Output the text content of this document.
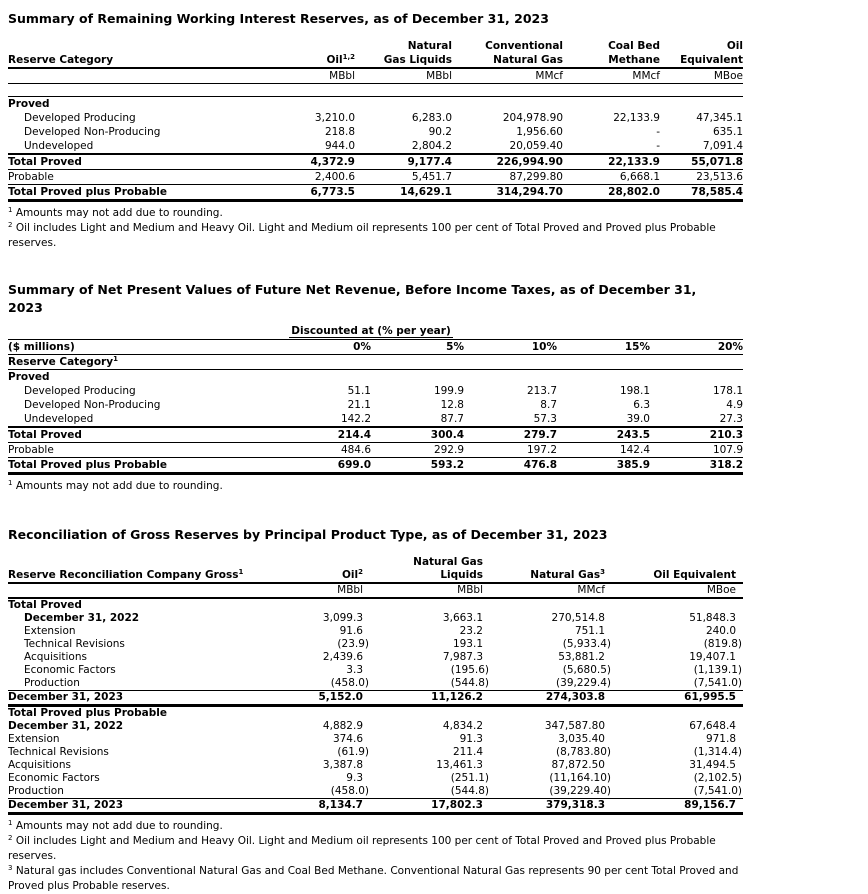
Summary of Remaining Working Interest Reserves, as of December 31, 2023
		Natural	Conventional	Coal Bed	Oil
Reserve Category	Oil$^{1,2}$	Gas Liquids	Natural Gas	Methane	Equivalent
	MBbl	MBbl	MMcf	MMcf	MBoe

Proved					
Developed Producing	3,210.0	6,283.0	204,978.90	22,133.9	47,345.1
Developed Non-Producing	218.8	90.2	1,956.60	-	635.1
Undeveloped	944.0	2,804.2	20,059.40	-	7,091.4
Total Proved	4,372.9	9,177.4	226,994.90	22,133.9	55,071.8
Probable	2,400.6	5,451.7	87,299.80	6,668.1	23,513.6
Total Proved plus Probable	6,773.5	14,629.1	314,294.70	28,802.0	78,585.4
$^1$ Amounts may not add due to rounding.
$^2$ Oil includes Light and Medium and Heavy Oil. Light and Medium oil represents 100 per cent of Total Proved and Proved plus Probable
reserves.
Summary of Net Present Values of Future Net Revenue, Before Income Taxes, as of December 31,
2023
	Discounted at (% per year)				
($ millions)	0%	5%	10%	15%	20%
Reserve Category$^1$
Proved					
Developed Producing	51.1	199.9	213.7	198.1	178.1
Developed Non-Producing	21.1	12.8	8.7	6.3	4.9
Undeveloped	142.2	87.7	57.3	39.0	27.3
Total Proved	214.4	300.4	279.7	243.5	210.3
Probable	484.6	292.9	197.2	142.4	107.9
Total Proved plus Probable	699.0	593.2	476.8	385.9	318.2
$^1$ Amounts may not add due to rounding.
Reconciliation of Gross Reserves by Principal Product Type, as of December 31, 2023
		Natural Gas		
Reserve Reconciliation Company Gross$^1$	Oil$^2$	Liquids	Natural Gas$^3$	Oil Equivalent
	MBbl	MBbl	MMcf	MBoe
Total Proved				
December 31, 2022	3,099.3	3,663.1	270,514.8	51,848.3
Extension	91.6	23.2	751.1	240.0
Technical Revisions	(23.9)	193.1	(5,933.4)	(819.8)
Acquisitions	2,439.6	7,987.3	53,881.2	19,407.1
Economic Factors	3.3	(195.6)	(5,680.5)	(1,139.1)
Production	(458.0)	(544.8)	(39,229.4)	(7,541.0)
December 31, 2023	5,152.0	11,126.2	274,303.8	61,995.5
Total Proved plus Probable				
December 31, 2022	4,882.9	4,834.2	347,587.80	67,648.4
Extension	374.6	91.3	3,035.40	971.8
Technical Revisions	(61.9)	211.4	(8,783.80)	(1,314.4)
Acquisitions	3,387.8	13,461.3	87,872.50	31,494.5
Economic Factors	9.3	(251.1)	(11,164.10)	(2,102.5)
Production	(458.0)	(544.8)	(39,229.40)	(7,541.0)
December 31, 2023	8,134.7	17,802.3	379,318.3	89,156.7
$^1$ Amounts may not add due to rounding.
$^2$ Oil includes Light and Medium and Heavy Oil. Light and Medium oil represents 100 per cent of Total Proved and Proved plus Probable
reserves.
$^3$ Natural gas includes Conventional Natural Gas and Coal Bed Methane. Conventional Natural Gas represents 90 per cent Total Proved and
Proved plus Probable reserves.
